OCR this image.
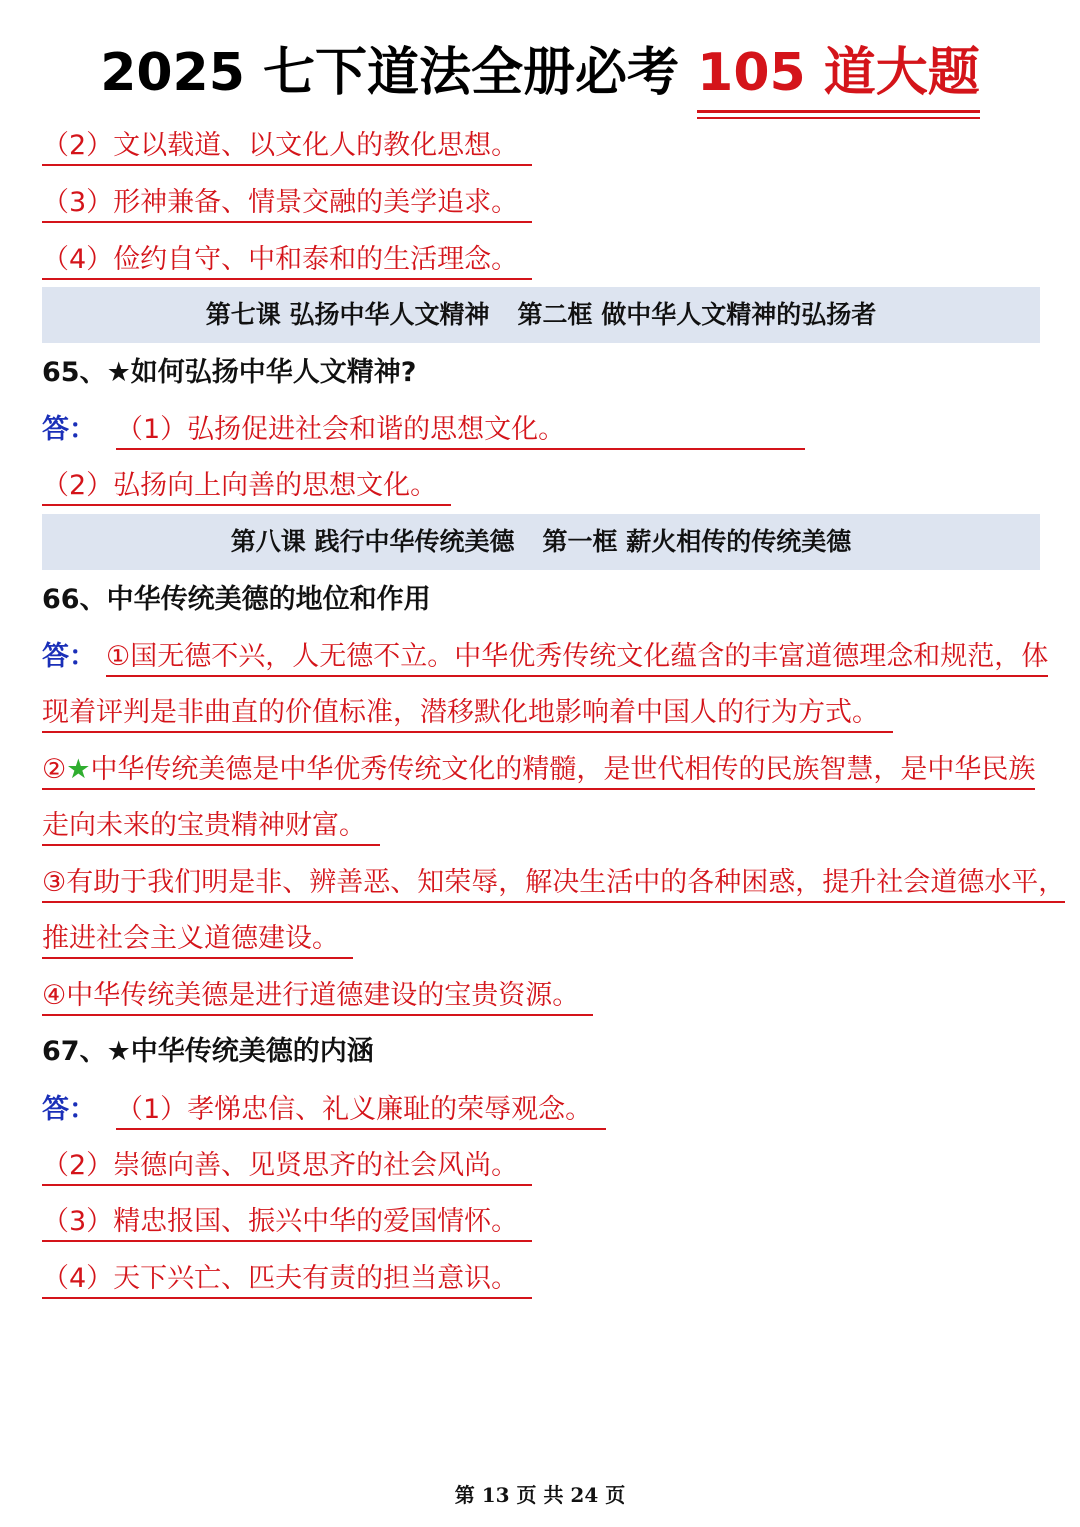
2025 七下道法全册必考 105 道大题
（2）文以载道、以文化人的教化思想。
（3）形神兼备、情景交融的美学追求。
（4）俭约自守、中和泰和的生活理念。
第七课 弘扬中华人文精神 第二框 做中华人文精神的弘扬者
65、★如何弘扬中华人文精神?
答： （1）弘扬促进社会和谐的思想文化。
（2）弘扬向上向善的思想文化。
第八课 践行中华传统美德 第一框 薪火相传的传统美德
66、中华传统美德的地位和作用
答： ①国无德不兴，人无德不立。中华优秀传统文化蕴含的丰富道德理念和规范，体
现着评判是非曲直的价值标准，潜移默化地影响着中国人的行为方式。
②★中华传统美德是中华优秀传统文化的精髓，是世代相传的民族智慧，是中华民族
走向未来的宝贵精神财富。
③有助于我们明是非、辨善恶、知荣辱，解决生活中的各种困惑，提升社会道德水平，
推进社会主义道德建设。
④中华传统美德是进行道德建设的宝贵资源。
67、★中华传统美德的内涵
答： （1）孝悌忠信、礼义廉耻的荣辱观念。
（2）崇德向善、见贤思齐的社会风尚。
（3）精忠报国、振兴中华的爱国情怀。
（4）天下兴亡、匹夫有责的担当意识。
第 13 页 共 24 页
